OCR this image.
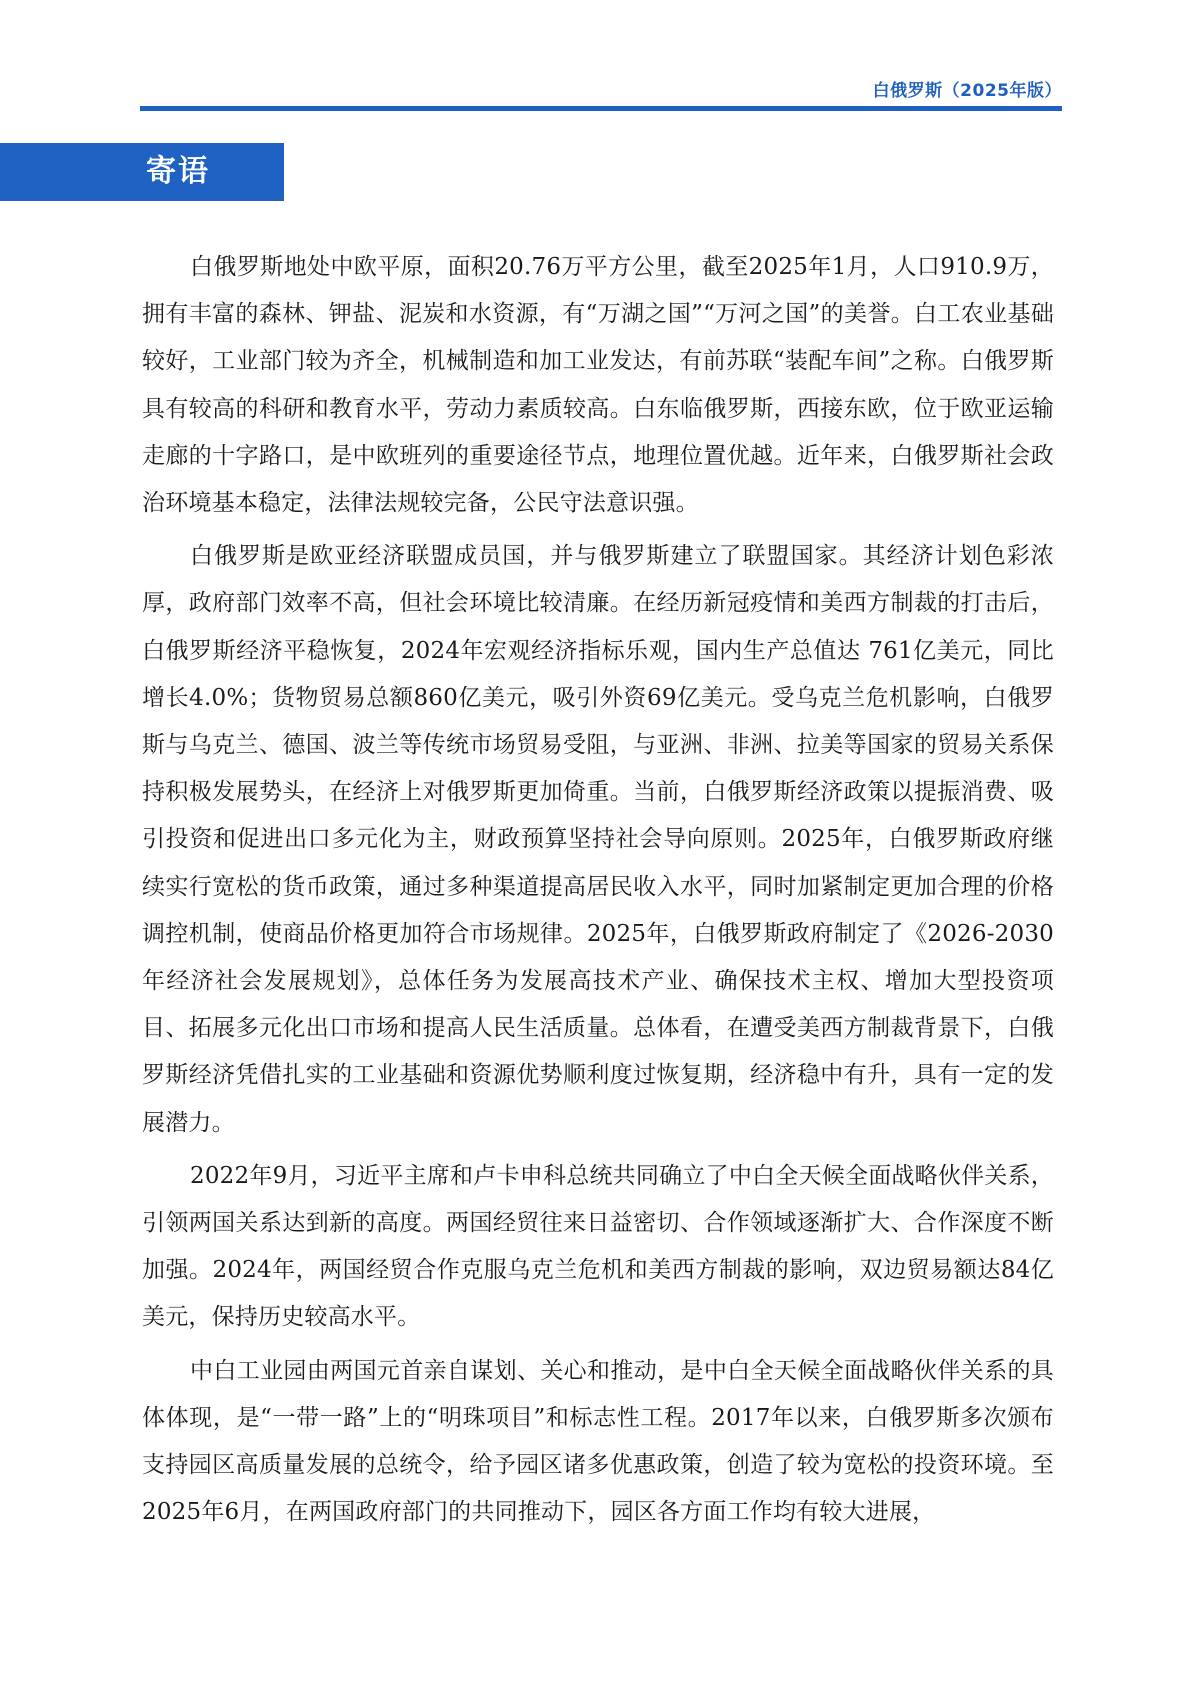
白俄罗斯（2025年版）
寄语

白俄罗斯地处中欧平原，面积20.76万平方公里，截至2025年1月，人口910.9万，拥有丰富的森林、钾盐、泥炭和水资源，有“万湖之国”“万河之国”的美誉。白工农业基础较好，工业部门较为齐全，机械制造和加工业发达，有前苏联“装配车间”之称。白俄罗斯具有较高的科研和教育水平，劳动力素质较高。白东临俄罗斯，西接东欧，位于欧亚运输走廊的十字路口，是中欧班列的重要途径节点，地理位置优越。近年来，白俄罗斯社会政治环境基本稳定，法律法规较完备，公民守法意识强。

白俄罗斯是欧亚经济联盟成员国，并与俄罗斯建立了联盟国家。其经济计划色彩浓厚，政府部门效率不高，但社会环境比较清廉。在经历新冠疫情和美西方制裁的打击后，白俄罗斯经济平稳恢复，2024年宏观经济指标乐观，国内生产总值达 761亿美元，同比增长4.0%；货物贸易总额860亿美元，吸引外资69亿美元。受乌克兰危机影响，白俄罗斯与乌克兰、德国、波兰等传统市场贸易受阻，与亚洲、非洲、拉美等国家的贸易关系保持积极发展势头，在经济上对俄罗斯更加倚重。当前，白俄罗斯经济政策以提振消费、吸引投资和促进出口多元化为主，财政预算坚持社会导向原则。2025年，白俄罗斯政府继续实行宽松的货币政策，通过多种渠道提高居民收入水平，同时加紧制定更加合理的价格调控机制，使商品价格更加符合市场规律。2025年，白俄罗斯政府制定了《2026-2030年经济社会发展规划》，总体任务为发展高技术产业、确保技术主权、增加大型投资项目、拓展多元化出口市场和提高人民生活质量。总体看，在遭受美西方制裁背景下，白俄罗斯经济凭借扎实的工业基础和资源优势顺利度过恢复期，经济稳中有升，具有一定的发展潜力。

2022年9月，习近平主席和卢卡申科总统共同确立了中白全天候全面战略伙伴关系，引领两国关系达到新的高度。两国经贸往来日益密切、合作领域逐渐扩大、合作深度不断加强。2024年，两国经贸合作克服乌克兰危机和美西方制裁的影响，双边贸易额达84亿美元，保持历史较高水平。

中白工业园由两国元首亲自谋划、关心和推动，是中白全天候全面战略伙伴关系的具体体现，是“一带一路”上的“明珠项目”和标志性工程。2017年以来，白俄罗斯多次颁布支持园区高质量发展的总统令，给予园区诸多优惠政策，创造了较为宽松的投资环境。至2025年6月，在两国政府部门的共同推动下，园区各方面工作均有较大进展，
